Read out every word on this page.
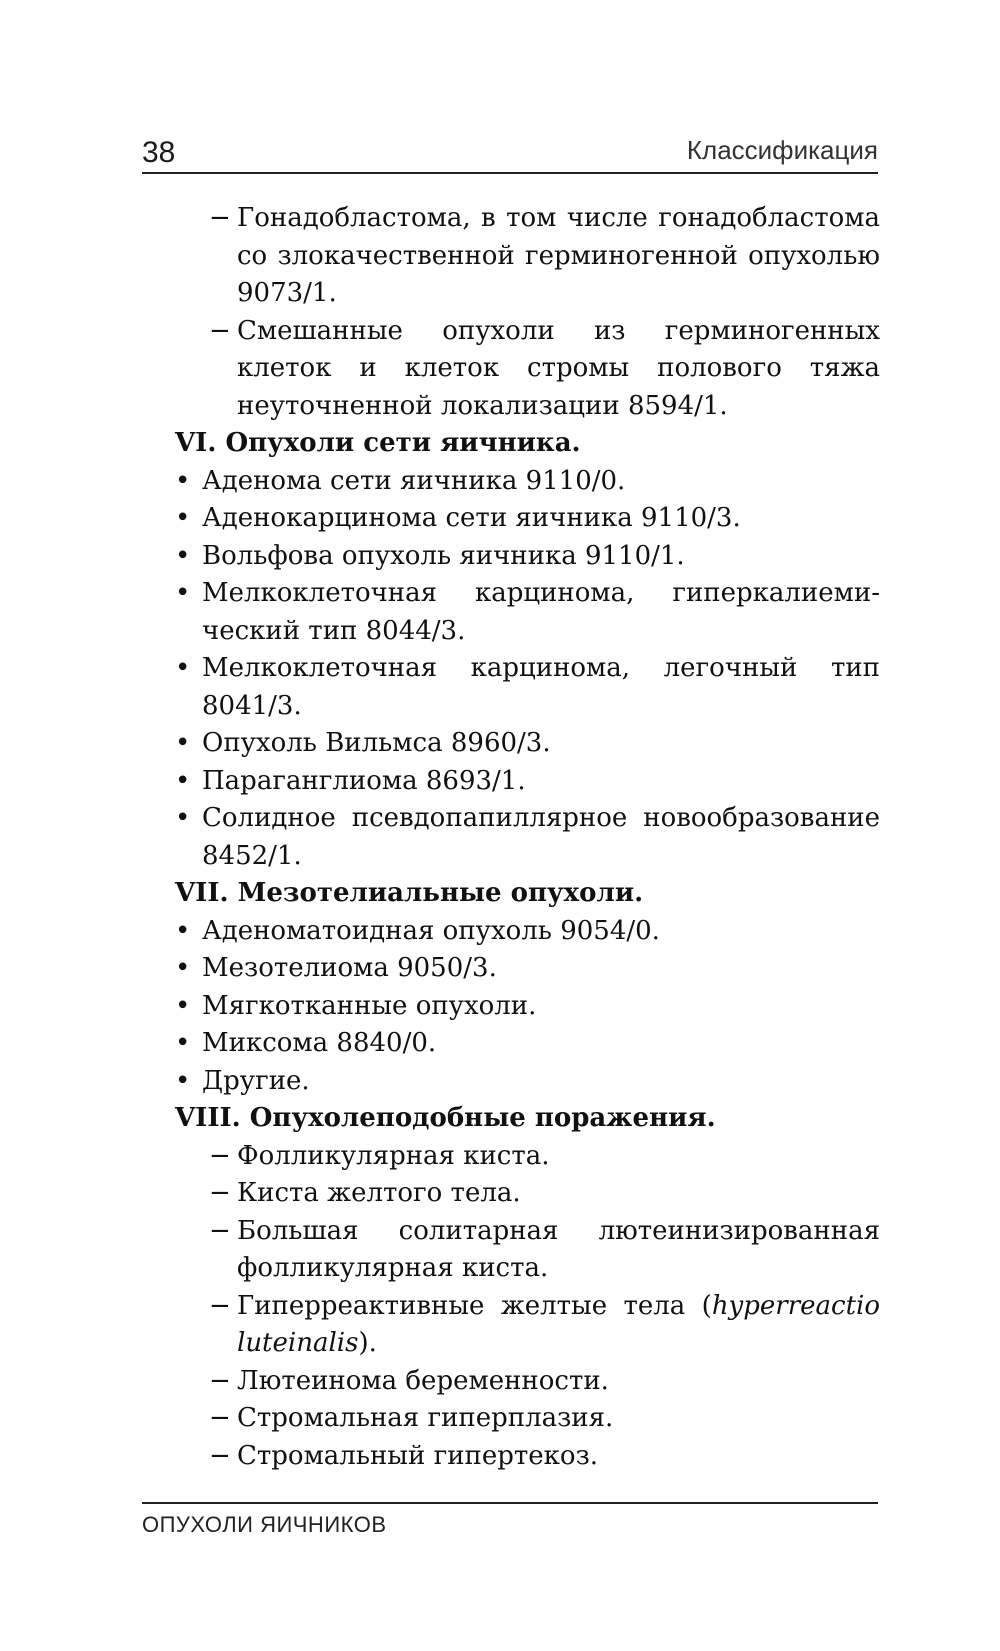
38	Классификация
− Гонадобластома, в том числе гонадобластома со злокачественной герминогенной опухолью 9073/1.
− Смешанные опухоли из герминогенных клеток и клеток стромы полового тяжа неуточненной локализации 8594/1.
VI. Опухоли сети яичника.
• Аденома сети яичника 9110/0.
• Аденокарцинома сети яичника 9110/3.
• Вольфова опухоль яичника 9110/1.
• Мелкоклеточная карцинома, гиперкалиемический тип 8044/3.
• Мелкоклеточная карцинома, легочный тип 8041/3.
• Опухоль Вильмса 8960/3.
• Параганглиома 8693/1.
• Солидное псевдопапиллярное новообразование 8452/1.
VII. Мезотелиальные опухоли.
• Аденоматоидная опухоль 9054/0.
• Мезотелиома 9050/3.
• Мягкотканные опухоли.
• Миксома 8840/0.
• Другие.
VIII. Опухолеподобные поражения.
− Фолликулярная киста.
− Киста желтого тела.
− Большая солитарная лютеинизированная фолликулярная киста.
− Гиперреактивные желтые тела (hyperreactio luteinalis).
− Лютеинома беременности.
− Стромальная гиперплазия.
− Стромальный гипертекоз.
ОПУХОЛИ ЯИЧНИКОВ
